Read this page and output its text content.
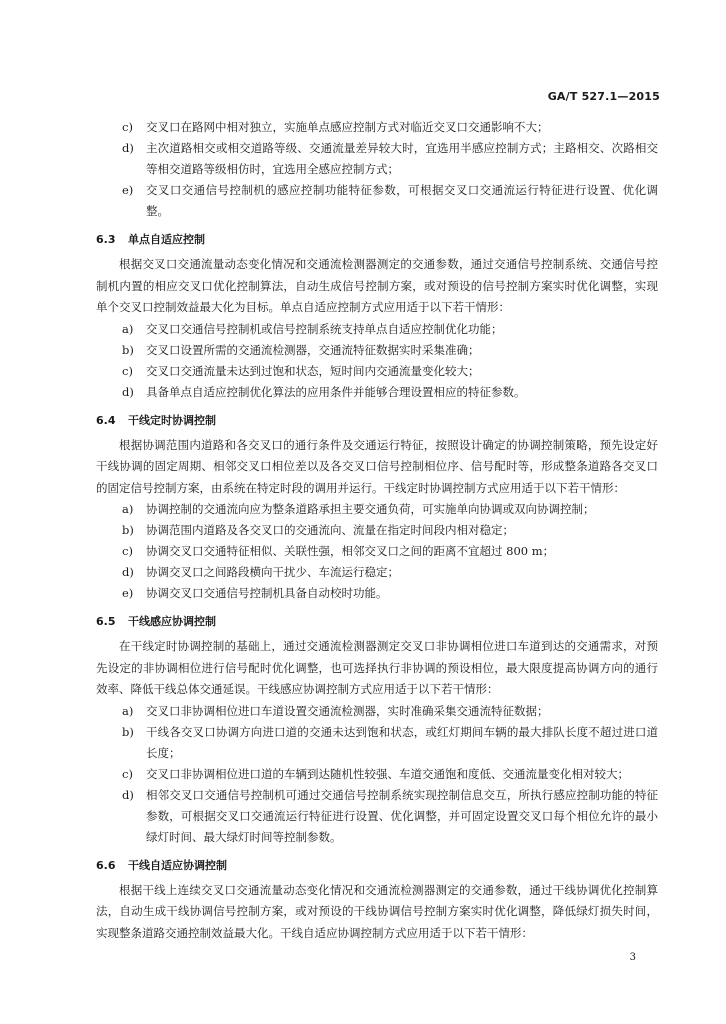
GA/T 527.1—2015
c)	交叉口在路网中相对独立，实施单点感应控制方式对临近交叉口交通影响不大；
d)	主次道路相交或相交道路等级、交通流量差异较大时，宜选用半感应控制方式；主路相交、次路相交等相交道路等级相仿时，宜选用全感应控制方式；
e)	交叉口交通信号控制机的感应控制功能特征参数，可根据交叉口交通流运行特征进行设置、优化调整。
6.3	单点自适应控制

根据交叉口交通流量动态变化情况和交通流检测器测定的交通参数，通过交通信号控制系统、交通信号控制机内置的相应交叉口优化控制算法，自动生成信号控制方案，或对预设的信号控制方案实时优化调整，实现单个交叉口控制效益最大化为目标。单点自适应控制方式应用适于以下若干情形：

a)	交叉口交通信号控制机或信号控制系统支持单点自适应控制优化功能；
b)	交叉口设置所需的交通流检测器，交通流特征数据实时采集准确；
c)	交叉口交通流量未达到过饱和状态，短时间内交通流量变化较大；
d)	具备单点自适应控制优化算法的应用条件并能够合理设置相应的特征参数。
6.4	干线定时协调控制

根据协调范围内道路和各交叉口的通行条件及交通运行特征，按照设计确定的协调控制策略，预先设定好干线协调的固定周期、相邻交叉口相位差以及各交叉口信号控制相位序、信号配时等，形成整条道路各交叉口的固定信号控制方案，由系统在特定时段的调用并运行。干线定时协调控制方式应用适于以下若干情形：

a)	协调控制的交通流向应为整条道路承担主要交通负荷，可实施单向协调或双向协调控制；
b)	协调范围内道路及各交叉口的交通流向、流量在指定时间段内相对稳定；
c)	协调交叉口交通特征相似、关联性强，相邻交叉口之间的距离不宜超过 800 m；
d)	协调交叉口之间路段横向干扰少、车流运行稳定；
e)	协调交叉口交通信号控制机具备自动校时功能。
6.5	干线感应协调控制

在干线定时协调控制的基础上，通过交通流检测器测定交叉口非协调相位进口车道到达的交通需求，对预先设定的非协调相位进行信号配时优化调整，也可选择执行非协调的预设相位，最大限度提高协调方向的通行效率、降低干线总体交通延误。干线感应协调控制方式应用适于以下若干情形：

a)	交叉口非协调相位进口车道设置交通流检测器，实时准确采集交通流特征数据；
b)	干线各交叉口协调方向进口道的交通未达到饱和状态，或红灯期间车辆的最大排队长度不超过进口道长度；
c)	交叉口非协调相位进口道的车辆到达随机性较强、车道交通饱和度低、交通流量变化相对较大；
d)	相邻交叉口交通信号控制机可通过交通信号控制系统实现控制信息交互，所执行感应控制功能的特征参数，可根据交叉口交通流运行特征进行设置、优化调整，并可固定设置交叉口每个相位允许的最小绿灯时间、最大绿灯时间等控制参数。
6.6	干线自适应协调控制

根据干线上连续交叉口交通流量动态变化情况和交通流检测器测定的交通参数，通过干线协调优化控制算法，自动生成干线协调信号控制方案，或对预设的干线协调信号控制方案实时优化调整，降低绿灯损失时间，实现整条道路交通控制效益最大化。干线自适应协调控制方式应用适于以下若干情形：

3
